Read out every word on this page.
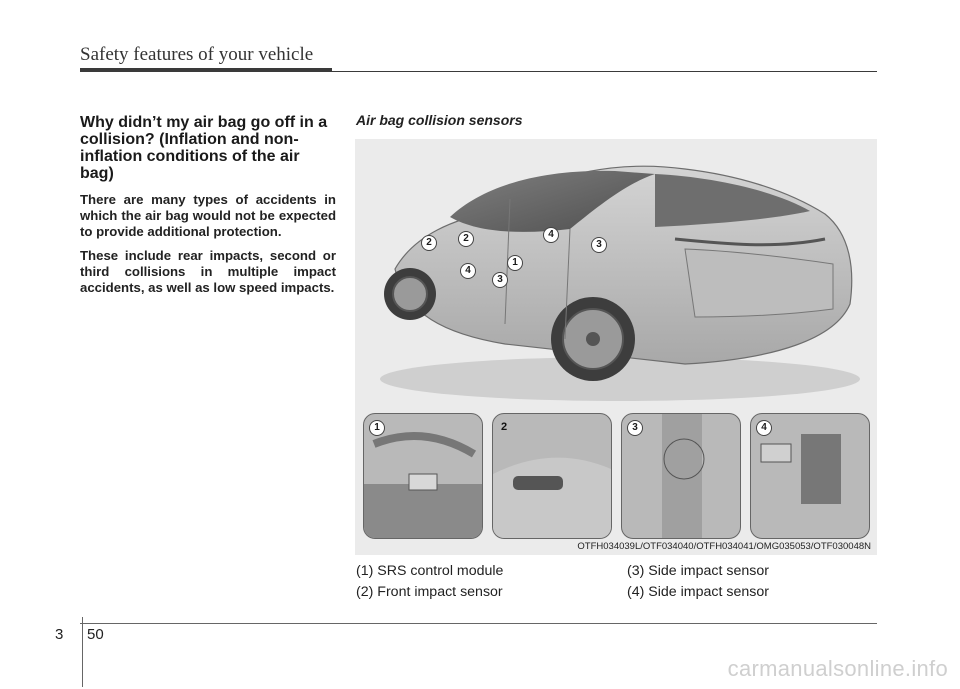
Safety features of your vehicle

Why didn’t my air bag go off in a collision? (Inflation and non-inflation conditions of the air bag)

There are many types of accidents in which the air bag would not be expected to provide additional protection.

These include rear impacts, second or third collisions in multiple impact accidents, as well as low speed impacts.

Air bag collision sensors
2	2
4
1
3
4
3
1	2	3	4
OTFH034039L/OTF034040/OTFH034041/OMG035053/OTF030048N
(1) SRS control module	(3) Side impact sensor
(2) Front impact sensor	(4) Side impact sensor
3 50
carmanualsonline.info
